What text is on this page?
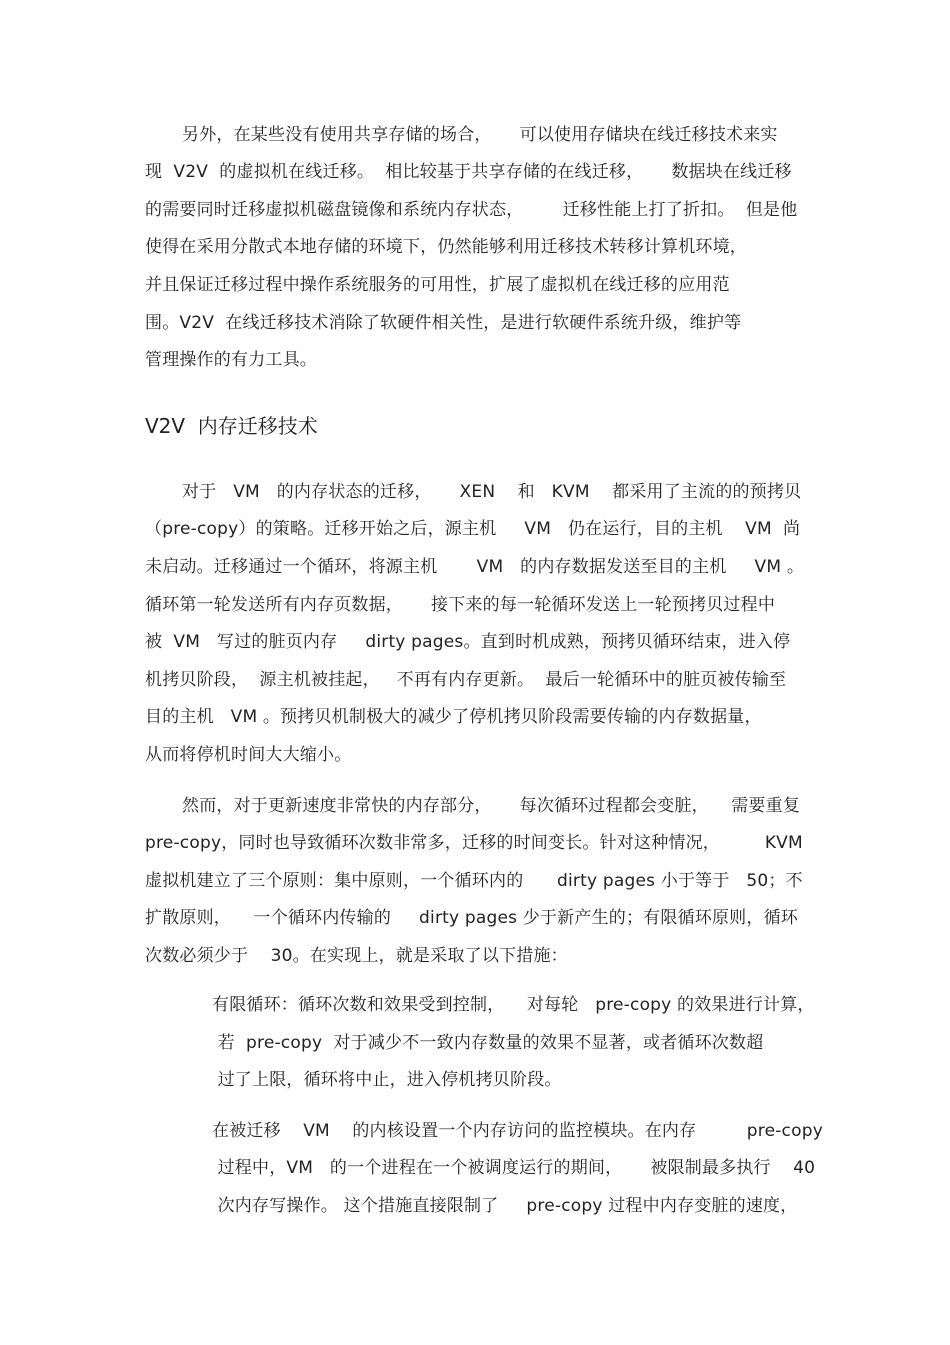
另外，在某些没有使用共享存储的场合，     可以使用存储块在线迁移技术来实
现  V2V  的虚拟机在线迁移。  相比较基于共享存储的在线迁移，     数据块在线迁移
的需要同时迁移虚拟机磁盘镜像和系统内存状态，       迁移性能上打了折扣。  但是他
使得在采用分散式本地存储的环境下，仍然能够利用迁移技术转移计算机环境，
并且保证迁移过程中操作系统服务的可用性，扩展了虚拟机在线迁移的应用范
围。V2V  在线迁移技术消除了软硬件相关性，是进行软硬件系统升级，维护等
管理操作的有力工具。
V2V  内存迁移技术
对于   VM   的内存状态的迁移，     XEN    和   KVM    都采用了主流的的预拷贝
（pre-copy）的策略。迁移开始之后，源主机     VM   仍在运行，目的主机    VM  尚
未启动。迁移通过一个循环，将源主机       VM   的内存数据发送至目的主机     VM 。
循环第一轮发送所有内存页数据，     接下来的每一轮循环发送上一轮预拷贝过程中
被  VM   写过的脏页内存     dirty pages。直到时机成熟，预拷贝循环结束，进入停
机拷贝阶段，  源主机被挂起，   不再有内存更新。  最后一轮循环中的脏页被传输至
目的主机   VM 。预拷贝机制极大的减少了停机拷贝阶段需要传输的内存数据量，
从而将停机时间大大缩小。
然而，对于更新速度非常快的内存部分，     每次循环过程都会变脏，    需要重复
pre-copy，同时也导致循环次数非常多，迁移的时间变长。针对这种情况，        KVM
虚拟机建立了三个原则：集中原则，一个循环内的      dirty pages 小于等于   50；不
扩散原则，    一个循环内传输的     dirty pages 少于新产生的；有限循环原则，循环
次数必须少于    30。在实现上，就是采取了以下措施：
有限循环：循环次数和效果受到控制，    对每轮   pre-copy 的效果进行计算，
若  pre-copy  对于减少不一致内存数量的效果不显著，或者循环次数超
过了上限，循环将中止，进入停机拷贝阶段。
在被迁移    VM    的内核设置一个内存访问的监控模块。在内存         pre-copy
过程中，VM   的一个进程在一个被调度运行的期间，     被限制最多执行    40
次内存写操作。 这个措施直接限制了     pre-copy 过程中内存变脏的速度，
